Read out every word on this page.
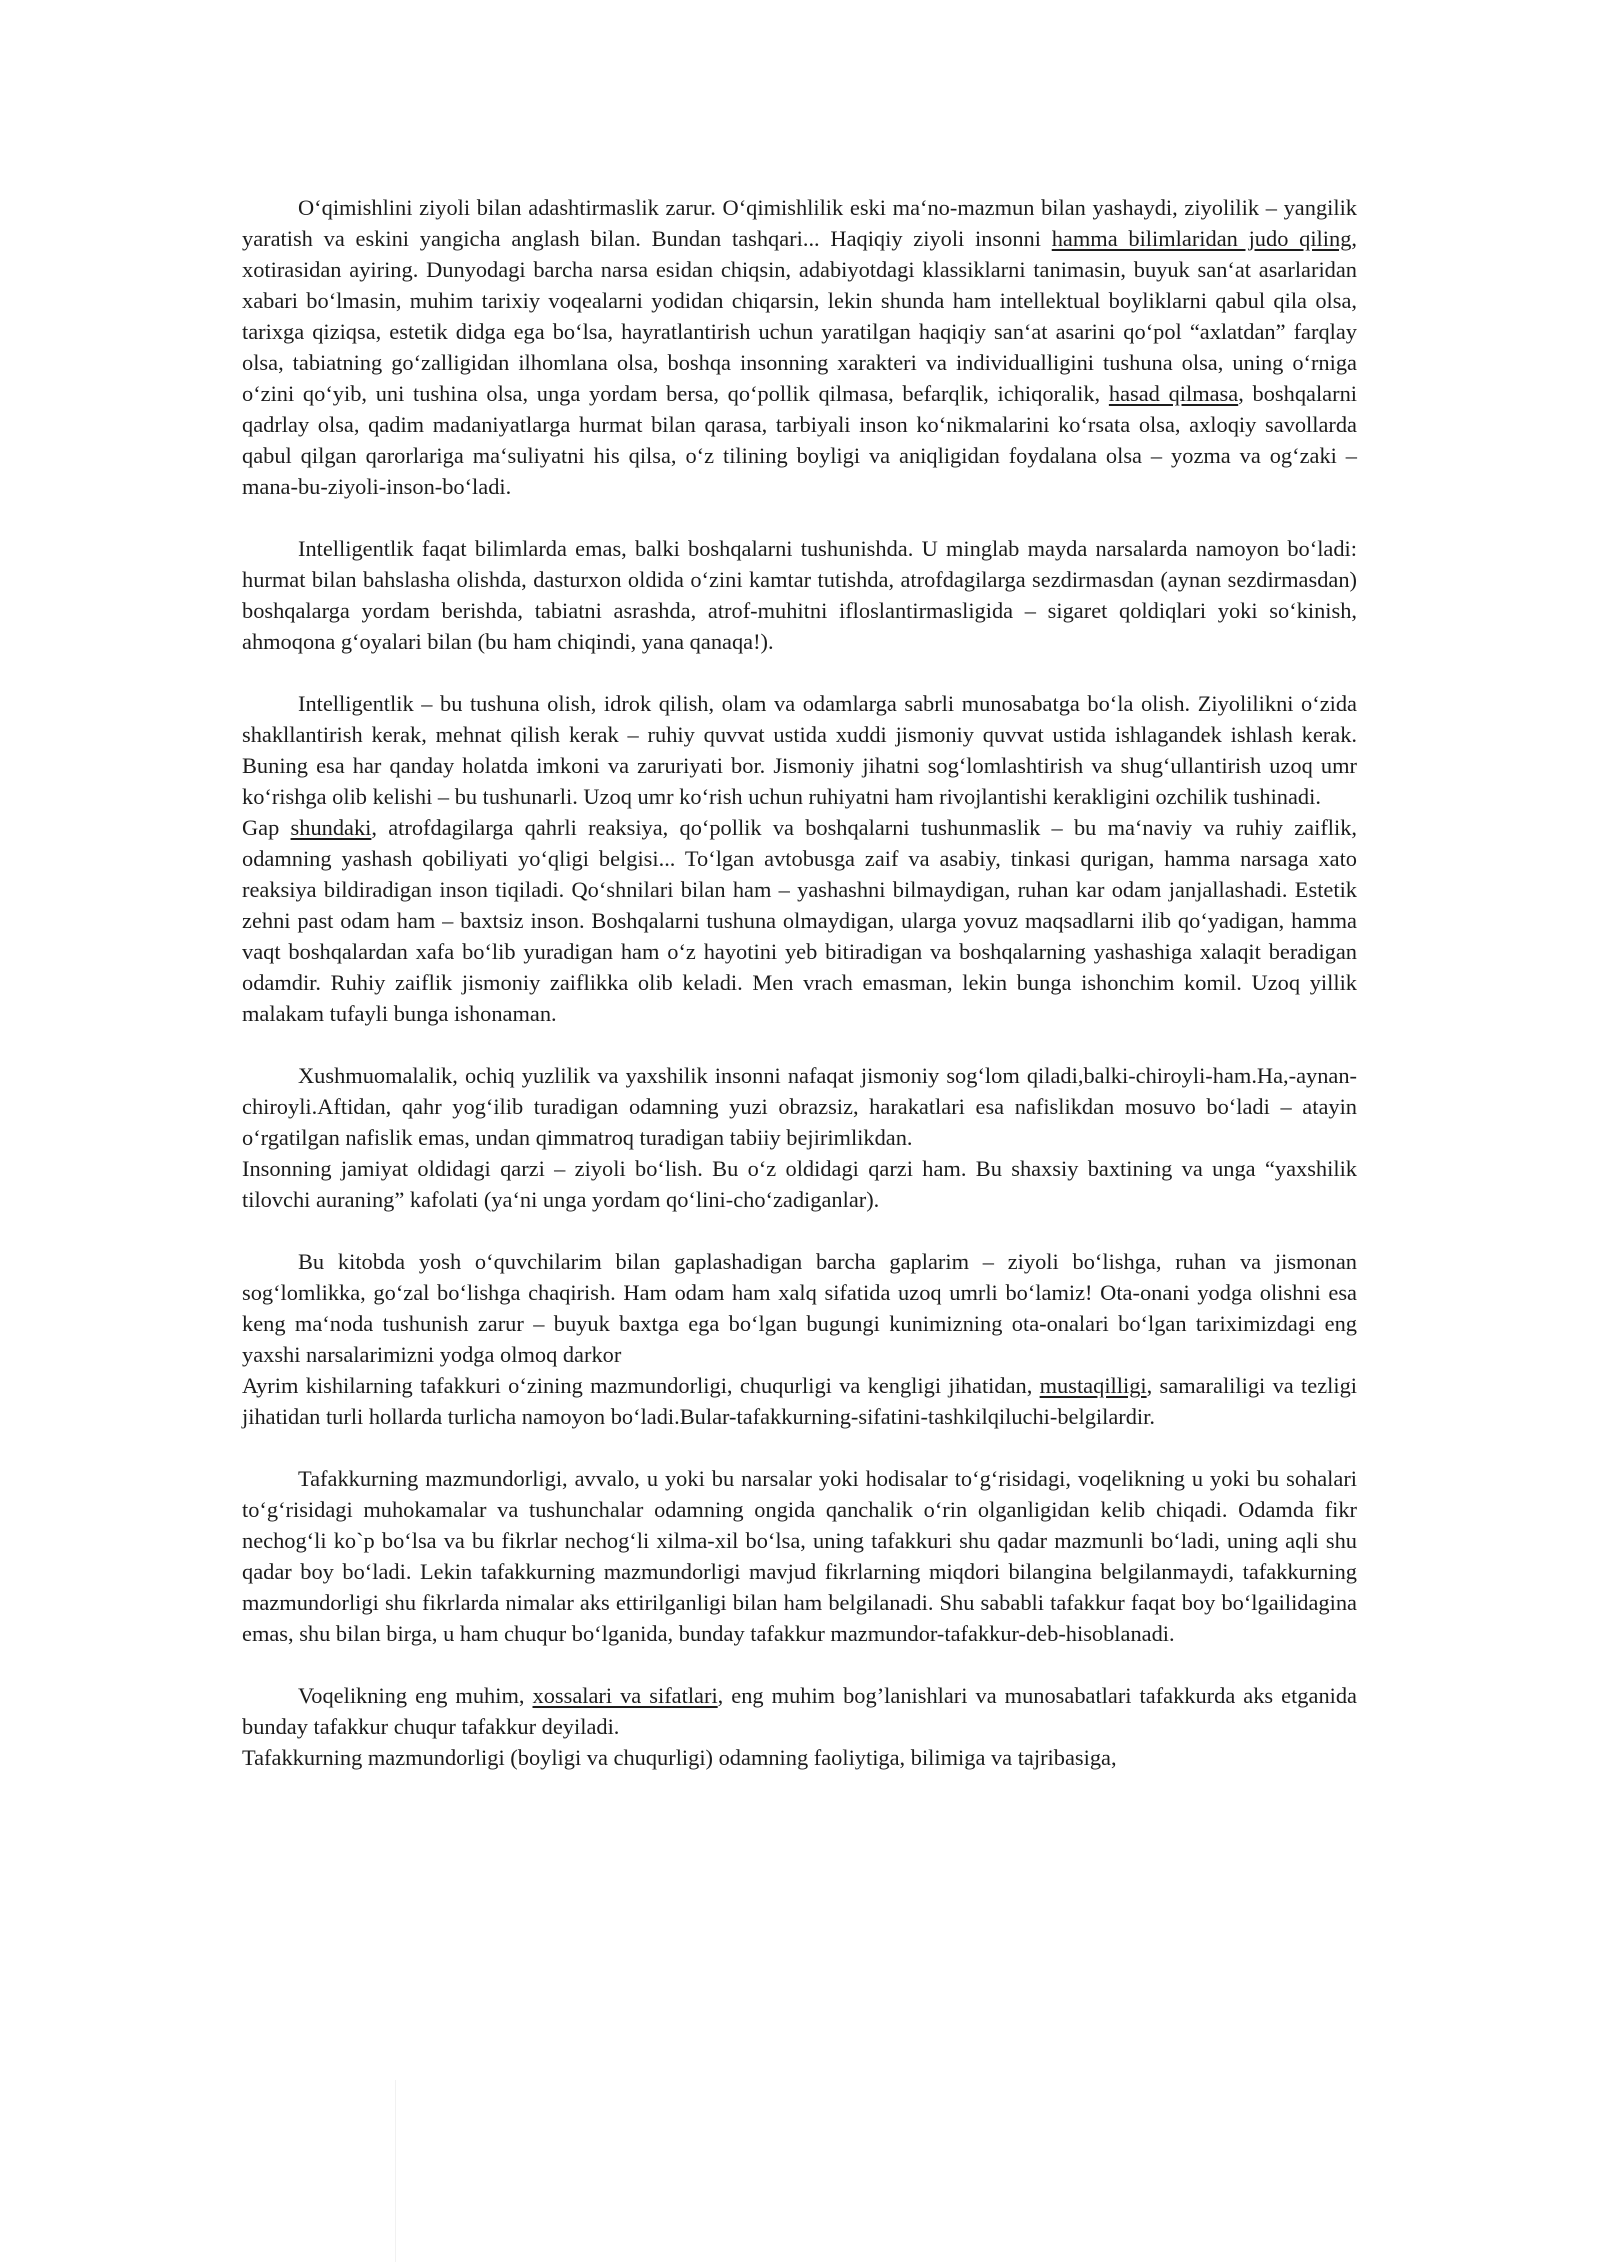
O‘qimishlini ziyoli bilan adashtirmaslik zarur. O‘qimishlilik eski ma‘no-mazmun bilan yashaydi, ziyolilik – yangilik yaratish va eskini yangicha anglash bilan. Bundan tashqari... Haqiqiy ziyoli insonni hamma bilimlaridan judo qiling, xotirasidan ayiring. Dunyodagi barcha narsa esidan chiqsin, adabiyotdagi klassiklarni tanimasin, buyuk san‘at asarlaridan xabari bo‘lmasin, muhim tarixiy voqealarni yodidan chiqarsin, lekin shunda ham intellektual boyliklarni qabul qila olsa, tarixga qiziqsa, estetik didga ega bo‘lsa, hayratlantirish uchun yaratilgan haqiqiy san‘at asarini qo‘pol “axlatdan” farqlay olsa, tabiatning go‘zalligidan ilhomlana olsa, boshqa insonning xarakteri va individualligini tushuna olsa, uning o‘rniga o‘zini qo‘yib, uni tushina olsa, unga yordam bersa, qo‘pollik qilmasa, befarqlik, ichiqoralik, hasad qilmasa, boshqalarni qadrlay olsa, qadim madaniyatlarga hurmat bilan qarasa, tarbiyali inson ko‘nikmalarini ko‘rsata olsa, axloqiy savollarda qabul qilgan qarorlariga ma‘suliyatni his qilsa, o‘z tilining boyligi va aniqligidan foydalana olsa – yozma va og‘zaki – mana-bu-ziyoli-inson-bo‘ladi.

Intelligentlik faqat bilimlarda emas, balki boshqalarni tushunishda. U minglab mayda narsalarda namoyon bo‘ladi: hurmat bilan bahslasha olishda, dasturxon oldida o‘zini kamtar tutishda, atrofdagilarga sezdirmasdan (aynan sezdirmasdan) boshqalarga yordam berishda, tabiatni asrashda, atrof-muhitni ifloslantirmasligida – sigaret qoldiqlari yoki so‘kinish, ahmoqona g‘oyalari bilan (bu ham chiqindi, yana qanaqa!).

Intelligentlik – bu tushuna olish, idrok qilish, olam va odamlarga sabrli munosabatga bo‘la olish. Ziyolilikni o‘zida shakllantirish kerak, mehnat qilish kerak – ruhiy quvvat ustida xuddi jismoniy quvvat ustida ishlagandek ishlash kerak. Buning esa har qanday holatda imkoni va zaruriyati bor. Jismoniy jihatni sog‘lomlashtirish va shug‘ullantirish uzoq umr ko‘rishga olib kelishi – bu tushunarli. Uzoq umr ko‘rish uchun ruhiyatni ham rivojlantishi kerakligini ozchilik tushinadi.

Gap shundaki, atrofdagilarga qahrli reaksiya, qo‘pollik va boshqalarni tushunmaslik – bu ma‘naviy va ruhiy zaiflik, odamning yashash qobiliyati yo‘qligi belgisi... To‘lgan avtobusga zaif va asabiy, tinkasi qurigan, hamma narsaga xato reaksiya bildiradigan inson tiqiladi. Qo‘shnilari bilan ham – yashashni bilmaydigan, ruhan kar odam janjallashadi. Estetik zehni past odam ham – baxtsiz inson. Boshqalarni tushuna olmaydigan, ularga yovuz maqsadlarni ilib qo‘yadigan, hamma vaqt boshqalardan xafa bo‘lib yuradigan ham o‘z hayotini yeb bitiradigan va boshqalarning yashashiga xalaqit beradigan odamdir. Ruhiy zaiflik jismoniy zaiflikka olib keladi. Men vrach emasman, lekin bunga ishonchim komil. Uzoq yillik malakam tufayli bunga ishonaman.

Xushmuomalalik, ochiq yuzlilik va yaxshilik insonni nafaqat jismoniy sog‘lom qiladi,balki-chiroyli-ham.Ha,-aynan-chiroyli.Aftidan, qahr yog‘ilib turadigan odamning yuzi obrazsiz, harakatlari esa nafislikdan mosuvo bo‘ladi – atayin o‘rgatilgan nafislik emas, undan qimmatroq turadigan tabiiy bejirimlikdan.

Insonning jamiyat oldidagi qarzi – ziyoli bo‘lish. Bu o‘z oldidagi qarzi ham. Bu shaxsiy baxtining va unga “yaxshilik tilovchi auraning” kafolati (ya‘ni unga yordam qo‘lini-cho‘zadiganlar).

Bu kitobda yosh o‘quvchilarim bilan gaplashadigan barcha gaplarim – ziyoli bo‘lishga, ruhan va jismonan sog‘lomlikka, go‘zal bo‘lishga chaqirish. Ham odam ham xalq sifatida uzoq umrli bo‘lamiz! Ota-onani yodga olishni esa keng ma‘noda tushunish zarur – buyuk baxtga ega bo‘lgan bugungi kunimizning ota-onalari bo‘lgan tariximizdagi eng yaxshi narsalarimizni yodga olmoq darkor

Ayrim kishilarning tafakkuri o‘zining mazmundorligi, chuqurligi va kengligi jihatidan, mustaqilligi, samaraliligi va tezligi jihatidan turli hollarda turlicha namoyon bo‘ladi.Bular-tafakkurning-sifatini-tashkilqiluchi-belgilardir.

Tafakkurning mazmundorligi, avvalo, u yoki bu narsalar yoki hodisalar to‘g‘risidagi, voqelikning u yoki bu sohalari to‘g‘risidagi muhokamalar va tushunchalar odamning ongida qanchalik o‘rin olganligidan kelib chiqadi. Odamda fikr nechog‘li ko`p bo‘lsa va bu fikrlar nechog‘li xilma-xil bo‘lsa, uning tafakkuri shu qadar mazmunli bo‘ladi, uning aqli shu qadar boy bo‘ladi. Lekin tafakkurning mazmundorligi mavjud fikrlarning miqdori bilangina belgilanmaydi, tafakkurning mazmundorligi shu fikrlarda nimalar aks ettirilganligi bilan ham belgilanadi. Shu sababli tafakkur faqat boy bo‘lgailidagina emas, shu bilan birga, u ham chuqur bo‘lganida, bunday tafakkur mazmundor-tafakkur-deb-hisoblanadi.

Voqelikning eng muhim, xossalari va sifatlari, eng muhim bog’lanishlari va munosabatlari tafakkurda aks etganida bunday tafakkur chuqur tafakkur deyiladi.

Tafakkurning mazmundorligi (boyligi va chuqurligi) odamning faoliytiga, bilimiga va tajribasiga,
